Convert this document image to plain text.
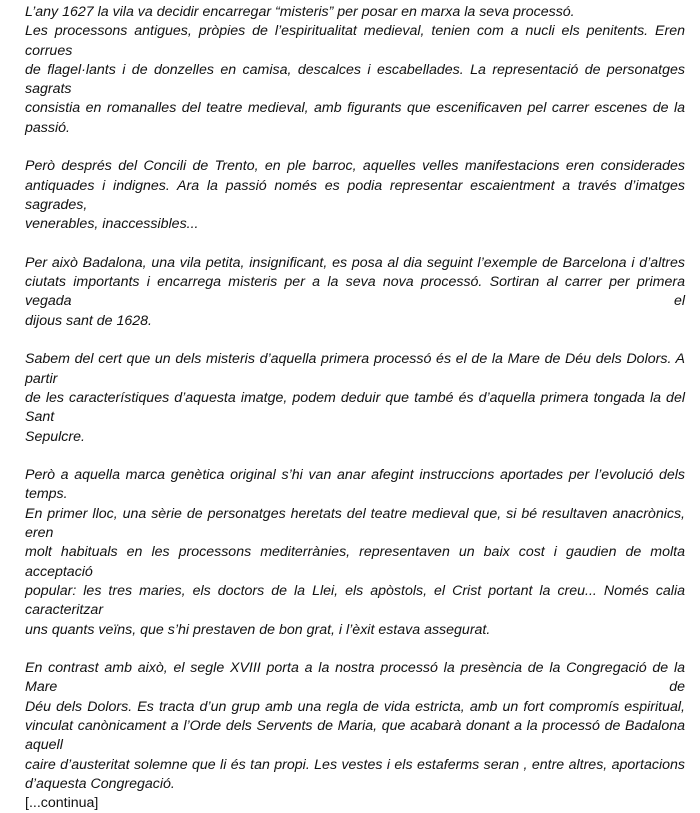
L’any 1627 la vila va decidir encarregar “misteris” per posar en marxa la seva processó.
Les processons antigues, pròpies de l’espiritualitat medieval, tenien com a nucli els penitents. Eren corrues
de flagel·lants i de donzelles en camisa, descalces i escabellades. La representació de personatges sagrats
consistia en romanalles del teatre medieval, amb figurants que escenificaven pel carrer escenes de la passió.

Però després del Concili de Trento, en ple barroc, aquelles velles manifestacions eren considerades
antiquades i indignes. Ara la passió només es podia representar escaientment a través d’imatges sagrades,
venerables, inaccessibles...

Per això Badalona, una vila petita, insignificant, es posa al dia seguint l’exemple de Barcelona i d’altres
ciutats importants i encarrega misteris per a la seva nova processó. Sortiran al carrer per primera vegada el
dijous sant de 1628.

Sabem del cert que un dels misteris d’aquella primera processó és el de la Mare de Déu dels Dolors. A partir
de les característiques d’aquesta imatge, podem deduir que també és d’aquella primera tongada la del Sant
Sepulcre.

Però a aquella marca genètica original s’hi van anar afegint instruccions aportades per l’evolució dels temps.
En primer lloc, una sèrie de personatges heretats del teatre medieval que, si bé resultaven anacrònics, eren
molt habituals en les processons mediterrànies, representaven un baix cost i gaudien de molta acceptació
popular: les tres maries, els doctors de la Llei, els apòstols, el Crist portant la creu... Només calia caracteritzar
uns quants veïns, que s’hi prestaven de bon grat, i l’èxit estava assegurat.

En contrast amb això, el segle XVIII porta a la nostra processó la presència de la Congregació de la Mare de
Déu dels Dolors. Es tracta d’un grup amb una regla de vida estricta, amb un fort compromís espiritual,
vinculat canònicament a l’Orde dels Servents de Maria, que acabarà donant a la processó de Badalona aquell
caire d’austeritat solemne que li és tan propi. Les vestes i els estaferms seran , entre altres, aportacions
d’aquesta Congregació.

[...continua]
